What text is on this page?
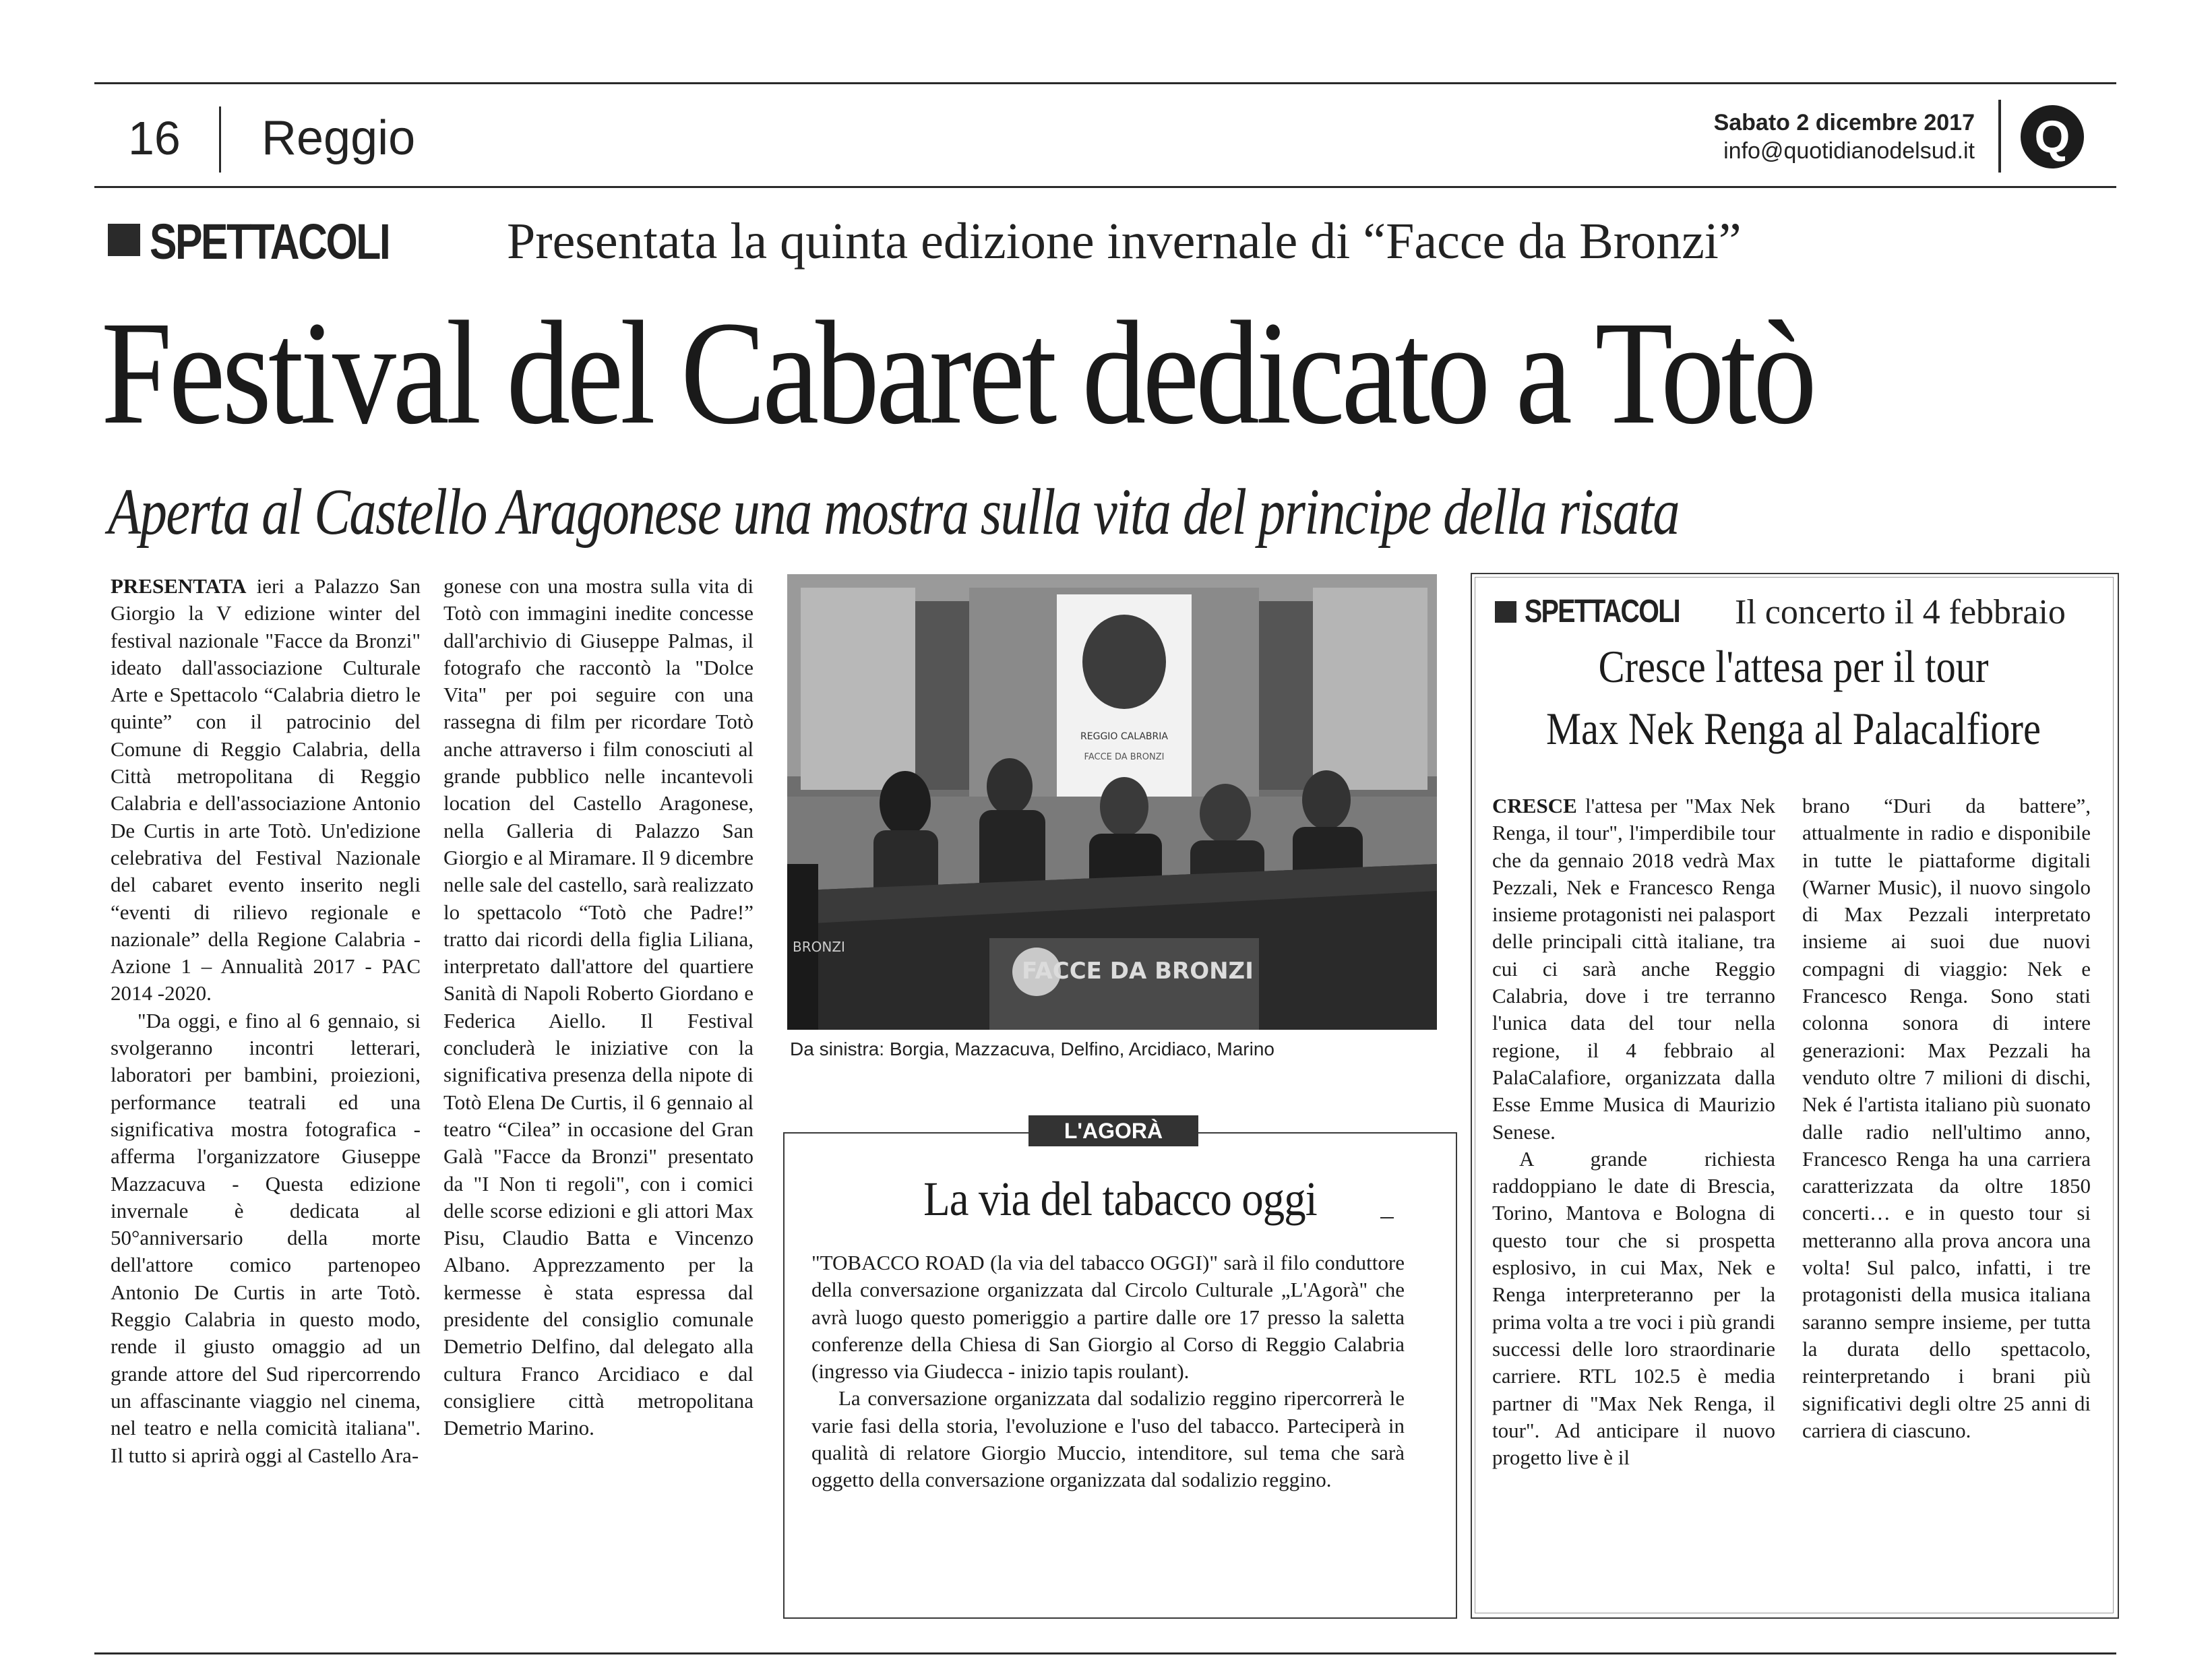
16 Reggio	Sabato 2 dicembre 2017
info@quotidianodelsud.it	Q
SPETTACOLI Presentata la quinta edizione invernale di “Facce da Bronzi”
Festival del Cabaret dedicato a Totò
Aperta al Castello Aragonese una mostra sulla vita del principe della risata

PRESENTATA ieri a Palazzo San Giorgio la V edizione winter del festival nazionale "Facce da Bronzi" ideato dall'associazione Culturale Arte e Spettacolo “Calabria dietro le quinte” con il patrocinio del Comune di Reggio Calabria, della Città metropolitana di Reggio Calabria e dell'associazione Antonio De Curtis in arte Totò. Un'edizione celebrativa del Festival Nazionale del cabaret evento inserito negli “eventi di rilievo regionale e nazionale” della Regione Calabria - Azione 1 – Annualità 2017 - PAC 2014 -2020.

"Da oggi, e fino al 6 gennaio, si svolgeranno incontri letterari, laboratori per bambini, proiezioni, performance teatrali ed una significativa mostra fotografica - afferma l'organizzatore Giuseppe Mazzacuva - Questa edizione invernale è dedicata al 50°anniversario della morte dell'attore comico partenopeo Antonio De Curtis in arte Totò. Reggio Calabria in questo modo, rende il giusto omaggio ad un grande attore del Sud ripercorrendo un affascinante viaggio nel cinema, nel teatro e nella comicità italiana". Il tutto si aprirà oggi al Castello Ara-

gonese con una mostra sulla vita di Totò con immagini inedite concesse dall'archivio di Giuseppe Palmas, il fotografo che raccontò la "Dolce Vita" per poi seguire con una rassegna di film per ricordare Totò anche attraverso i film conosciuti al grande pubblico nelle incantevoli location del Castello Aragonese, nella Galleria di Palazzo San Giorgio e al Miramare. Il 9 dicembre nelle sale del castello, sarà realizzato lo spettacolo “Totò che Padre!” tratto dai ricordi della figlia Liliana, interpretato dall'attore del quartiere Sanità di Napoli Roberto Giordano e Federica Aiello. Il Festival concluderà le iniziative con la significativa presenza della nipote di Totò Elena De Curtis, il 6 gennaio al teatro “Cilea” in occasione del Gran Galà "Facce da Bronzi" presentato da "I Non ti regoli", con i comici delle scorse edizioni e gli attori Max Pisu, Claudio Batta e Vincenzo Albano. Apprezzamento per la kermesse è stata espressa dal presidente del consiglio comunale Demetrio Delfino, dal delegato alla cultura Franco Arcidiaco e dal consigliere città metropolitana Demetrio Marino.

REGGIO CALABRIA
FACCE DA BRONZI
BRONZI
FACCE DA BRONZI
Da sinistra: Borgia, Mazzacuva, Delfino, Arcidiaco, Marino
L'AGORÀ
La via del tabacco oggi

"TOBACCO ROAD (la via del tabacco OGGI)" sarà il filo conduttore della conversazione organizzata dal Circolo Culturale „L'Agorà" che avrà luogo questo pomeriggio a partire dalle ore 17 presso la saletta conferenze della Chiesa di San Giorgio al Corso di Reggio Calabria (ingresso via Giudecca - inizio tapis roulant).

La conversazione organizzata dal sodalizio reggino ripercorrerà le varie fasi della storia, l'evoluzione e l'uso del tabacco. Parteciperà in qualità di relatore Giorgio Muccio, intenditore, sul tema che sarà oggetto della conversazione organizzata dal sodalizio reggino.

SPETTACOLI Il concerto il 4 febbraio
Cresce l'attesa per il tour
Max Nek Renga al Palacalfiore

CRESCE l'attesa per "Max Nek Renga, il tour", l'imperdibile tour che da gennaio 2018 vedrà Max Pezzali, Nek e Francesco Renga insieme protagonisti nei palasport delle principali città italiane, tra cui ci sarà anche Reggio Calabria, dove i tre terranno l'unica data del tour nella regione, il 4 febbraio al PalaCalafiore, organizzata dalla Esse Emme Musica di Maurizio Senese.

A grande richiesta raddoppiano le date di Brescia, Torino, Mantova e Bologna di questo tour che si prospetta esplosivo, in cui Max, Nek e Renga interpreteranno per la prima volta a tre voci i più grandi successi delle loro straordinarie carriere. RTL 102.5 è media partner di "Max Nek Renga, il tour". Ad anticipare il nuovo progetto live è il

brano “Duri da battere”, attualmente in radio e disponibile in tutte le piattaforme digitali (Warner Music), il nuovo singolo di Max Pezzali interpretato insieme ai suoi due nuovi compagni di viaggio: Nek e Francesco Renga. Sono stati colonna sonora di intere generazioni: Max Pezzali ha venduto oltre 7 milioni di dischi, Nek é l'artista italiano più suonato dalle radio nell'ultimo anno, Francesco Renga ha una carriera caratterizzata da oltre 1850 concerti… e in questo tour si metteranno alla prova ancora una volta! Sul palco, infatti, i tre protagonisti della musica italiana saranno sempre insieme, per tutta la durata dello spettacolo, reinterpretando i brani più significativi degli oltre 25 anni di carriera di ciascuno.
